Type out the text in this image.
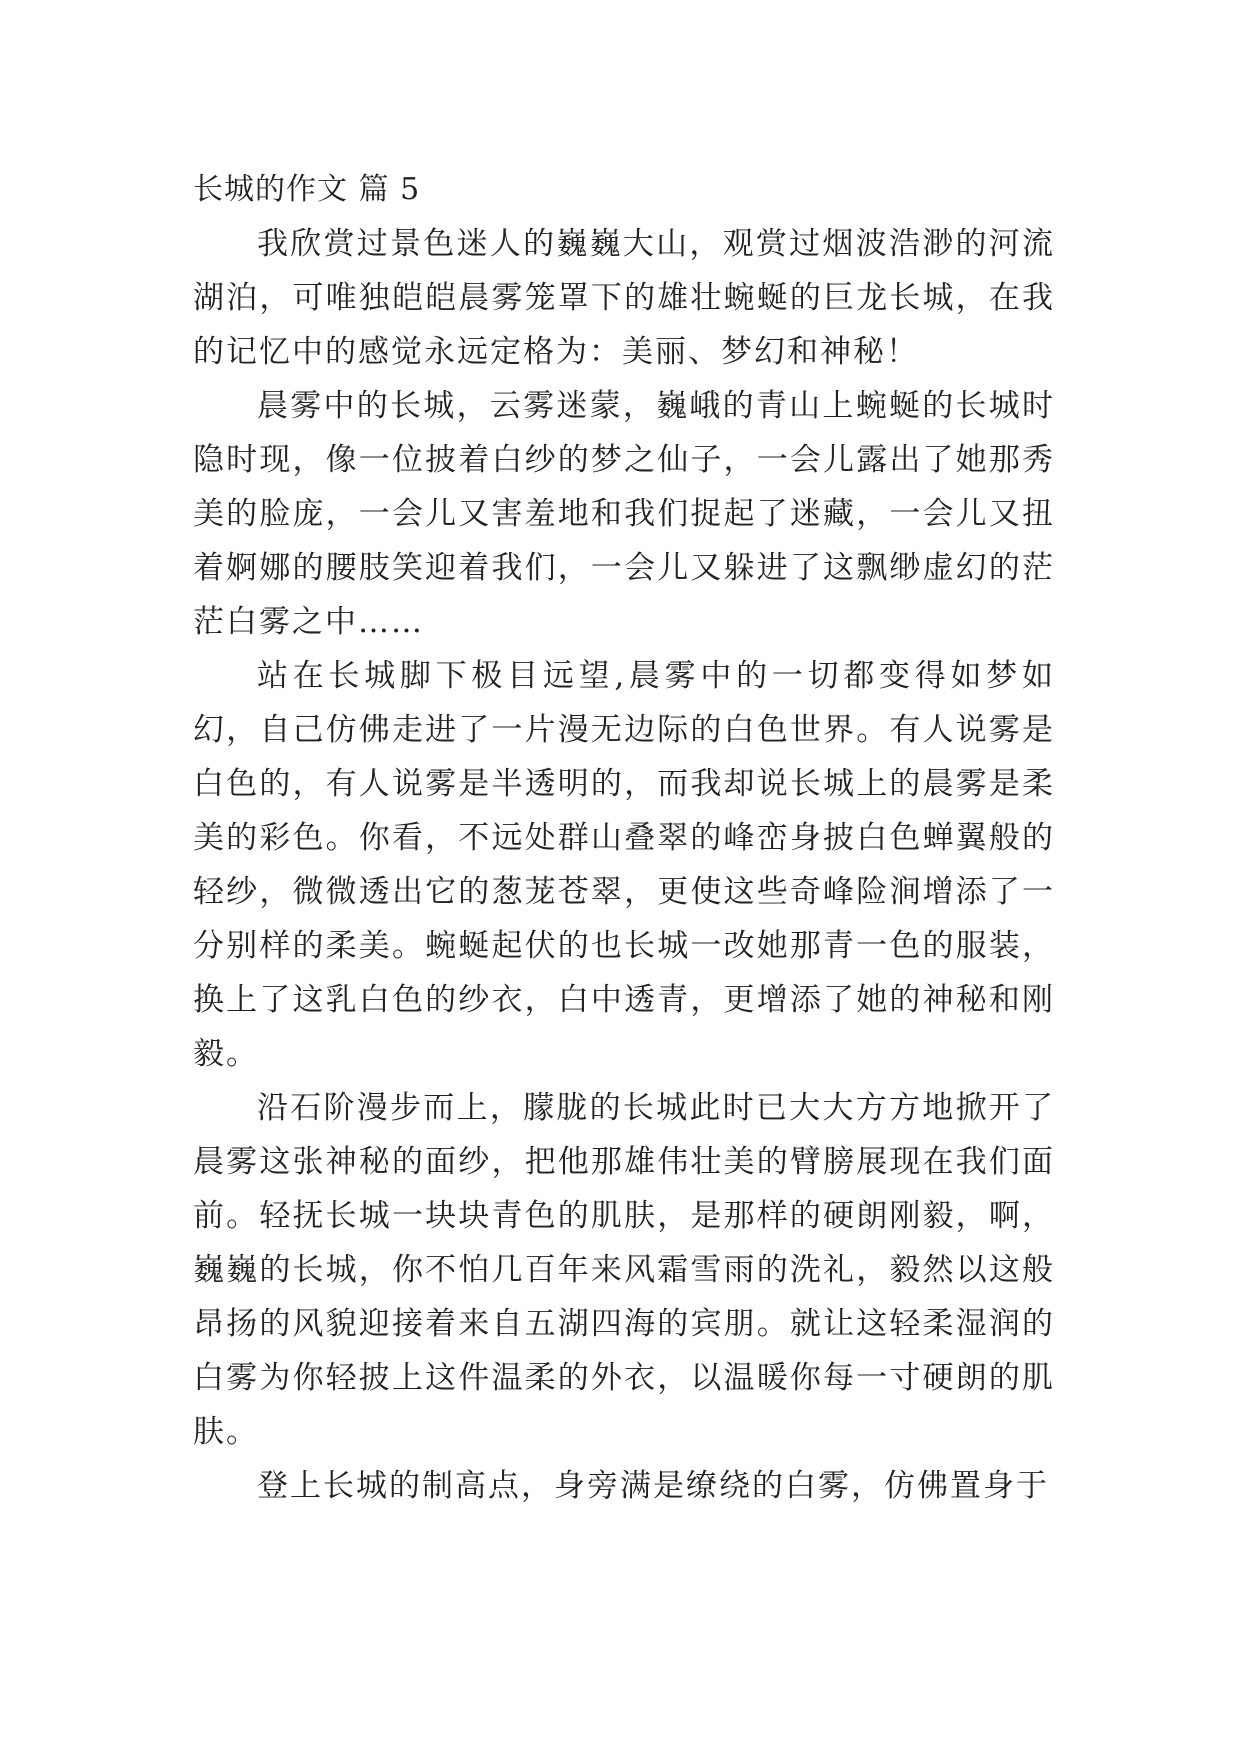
长城的作文 篇 5

我欣赏过景色迷人的巍巍大山，观赏过烟波浩渺的河流湖泊，可唯独皑皑晨雾笼罩下的雄壮蜿蜒的巨龙长城，在我的记忆中的感觉永远定格为：美丽、梦幻和神秘！

晨雾中的长城，云雾迷蒙，巍峨的青山上蜿蜒的长城时隐时现，像一位披着白纱的梦之仙子，一会儿露出了她那秀美的脸庞，一会儿又害羞地和我们捉起了迷藏，一会儿又扭着婀娜的腰肢笑迎着我们，一会儿又躲进了这飘缈虚幻的茫茫白雾之中……

站在长城脚下极目远望,晨雾中的一切都变得如梦如幻，自己仿佛走进了一片漫无边际的白色世界。有人说雾是白色的，有人说雾是半透明的，而我却说长城上的晨雾是柔美的彩色。你看，不远处群山叠翠的峰峦身披白色蝉翼般的轻纱，微微透出它的葱茏苍翠，更使这些奇峰险涧增添了一分别样的柔美。蜿蜒起伏的也长城一改她那青一色的服装，换上了这乳白色的纱衣，白中透青，更增添了她的神秘和刚毅。

沿石阶漫步而上，朦胧的长城此时已大大方方地掀开了晨雾这张神秘的面纱，把他那雄伟壮美的臂膀展现在我们面前。轻抚长城一块块青色的肌肤，是那样的硬朗刚毅，啊，巍巍的长城，你不怕几百年来风霜雪雨的洗礼，毅然以这般昂扬的风貌迎接着来自五湖四海的宾朋。就让这轻柔湿润的白雾为你轻披上这件温柔的外衣，以温暖你每一寸硬朗的肌肤。

登上长城的制高点，身旁满是缭绕的白雾，仿佛置身于
